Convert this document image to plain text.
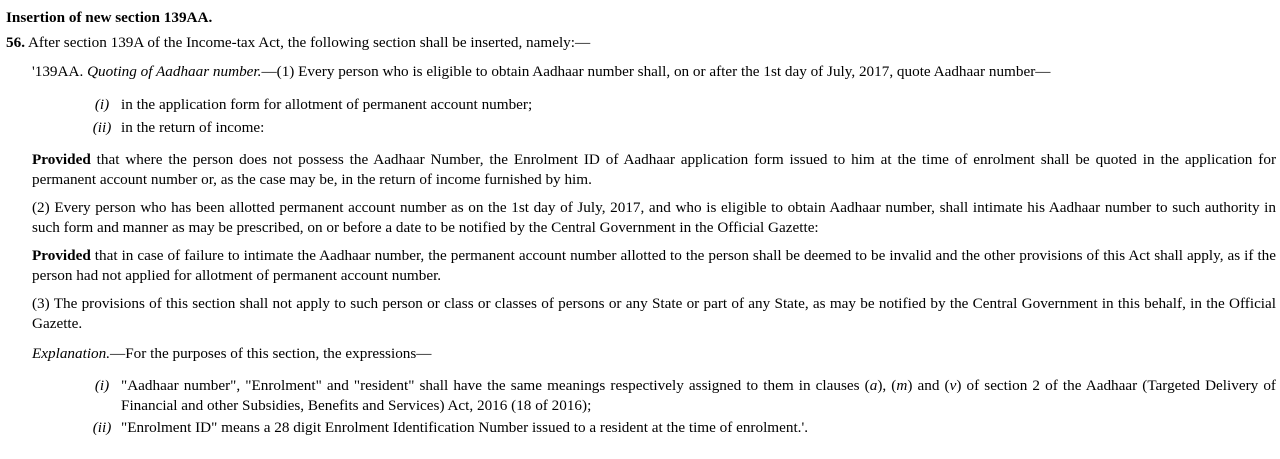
Insertion of new section 139AA.
56. After section 139A of the Income-tax Act, the following section shall be inserted, namely:—
'139AA. Quoting of Aadhaar number.—(1) Every person who is eligible to obtain Aadhaar number shall, on or after the 1st day of July, 2017, quote Aadhaar number—
(i) in the application form for allotment of permanent account number;
(ii) in the return of income:
Provided that where the person does not possess the Aadhaar Number, the Enrolment ID of Aadhaar application form issued to him at the time of enrolment shall be quoted in the application for permanent account number or, as the case may be, in the return of income furnished by him.
(2) Every person who has been allotted permanent account number as on the 1st day of July, 2017, and who is eligible to obtain Aadhaar number, shall intimate his Aadhaar number to such authority in such form and manner as may be prescribed, on or before a date to be notified by the Central Government in the Official Gazette:
Provided that in case of failure to intimate the Aadhaar number, the permanent account number allotted to the person shall be deemed to be invalid and the other provisions of this Act shall apply, as if the person had not applied for allotment of permanent account number.
(3) The provisions of this section shall not apply to such person or class or classes of persons or any State or part of any State, as may be notified by the Central Government in this behalf, in the Official Gazette.
Explanation.—For the purposes of this section, the expressions—
(i) "Aadhaar number", "Enrolment" and "resident" shall have the same meanings respectively assigned to them in clauses (a), (m) and (v) of section 2 of the Aadhaar (Targeted Delivery of Financial and other Subsidies, Benefits and Services) Act, 2016 (18 of 2016);
(ii) "Enrolment ID" means a 28 digit Enrolment Identification Number issued to a resident at the time of enrolment.'.
